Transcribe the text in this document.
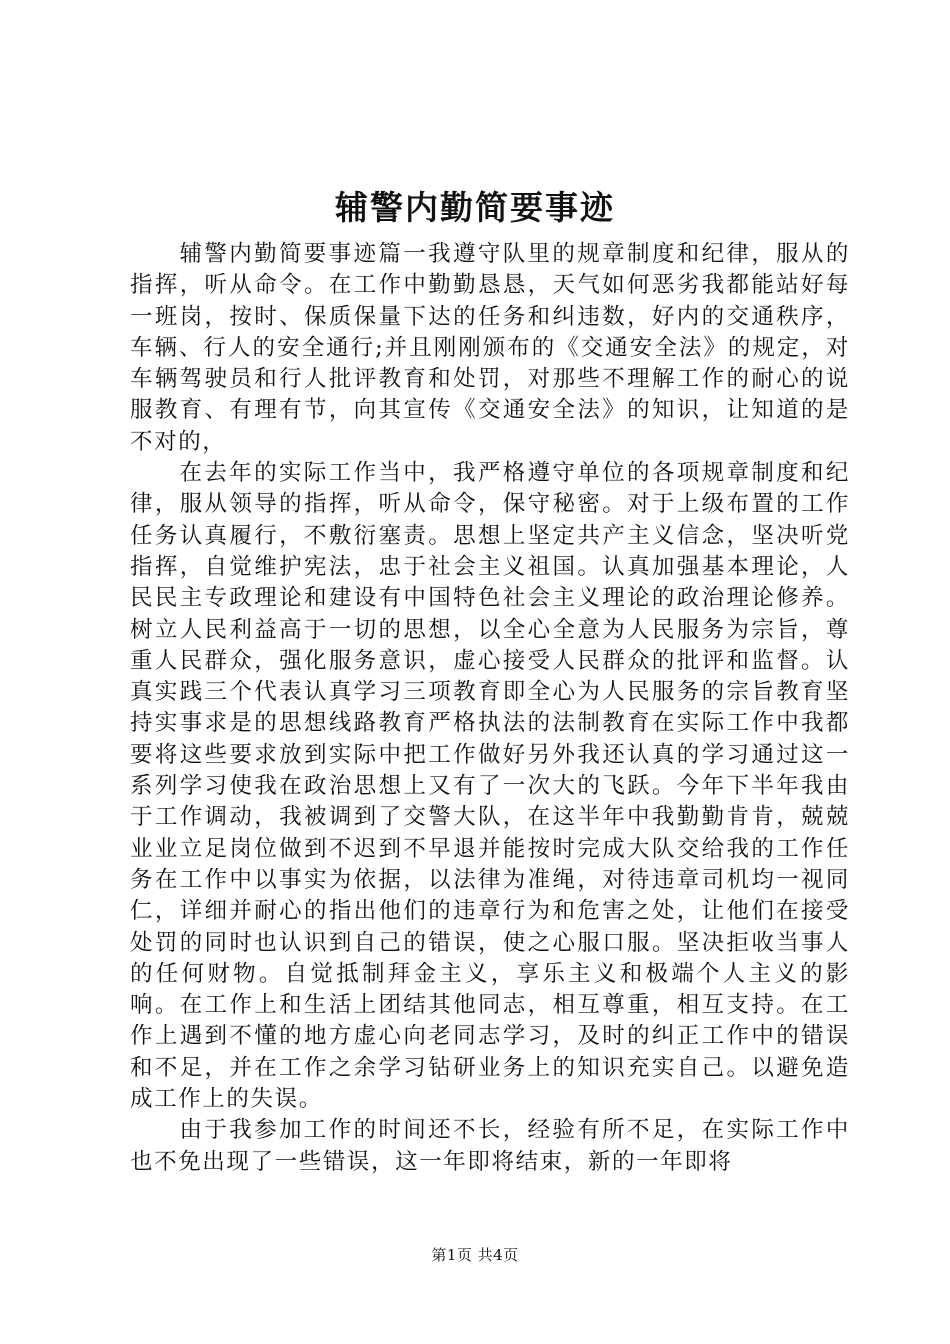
辅警内勤简要事迹

辅警内勤简要事迹篇一我遵守队里的规章制度和纪律，服从的指挥，听从命令。在工作中勤勤恳恳，天气如何恶劣我都能站好每一班岗，按时、保质保量下达的任务和纠违数，好内的交通秩序，车辆、行人的安全通行;并且刚刚颁布的《交通安全法》的规定，对车辆驾驶员和行人批评教育和处罚，对那些不理解工作的耐心的说服教育、有理有节，向其宣传《交通安全法》的知识，让知道的是不对的，

在去年的实际工作当中，我严格遵守单位的各项规章制度和纪律，服从领导的指挥，听从命令，保守秘密。对于上级布置的工作任务认真履行，不敷衍塞责。思想上坚定共产主义信念，坚决听党指挥，自觉维护宪法，忠于社会主义祖国。认真加强基本理论，人民民主专政理论和建设有中国特色社会主义理论的政治理论修养。树立人民利益高于一切的思想，以全心全意为人民服务为宗旨，尊重人民群众，强化服务意识，虚心接受人民群众的批评和监督。认真实践三个代表认真学习三项教育即全心为人民服务的宗旨教育坚持实事求是的思想线路教育严格执法的法制教育在实际工作中我都要将这些要求放到实际中把工作做好另外我还认真的学习通过这一系列学习使我在政治思想上又有了一次大的飞跃。今年下半年我由于工作调动，我被调到了交警大队，在这半年中我勤勤肯肯，兢兢业业立足岗位做到不迟到不早退并能按时完成大队交给我的工作任务在工作中以事实为依据，以法律为准绳，对待违章司机均一视同仁，详细并耐心的指出他们的违章行为和危害之处，让他们在接受处罚的同时也认识到自己的错误，使之心服口服。坚决拒收当事人的任何财物。自觉抵制拜金主义，享乐主义和极端个人主义的影响。在工作上和生活上团结其他同志，相互尊重，相互支持。在工作上遇到不懂的地方虚心向老同志学习，及时的纠正工作中的错误和不足，并在工作之余学习钻研业务上的知识充实自己。以避免造成工作上的失误。

由于我参加工作的时间还不长，经验有所不足，在实际工作中也不免出现了一些错误，这一年即将结束，新的一年即将

第1页 共4页
